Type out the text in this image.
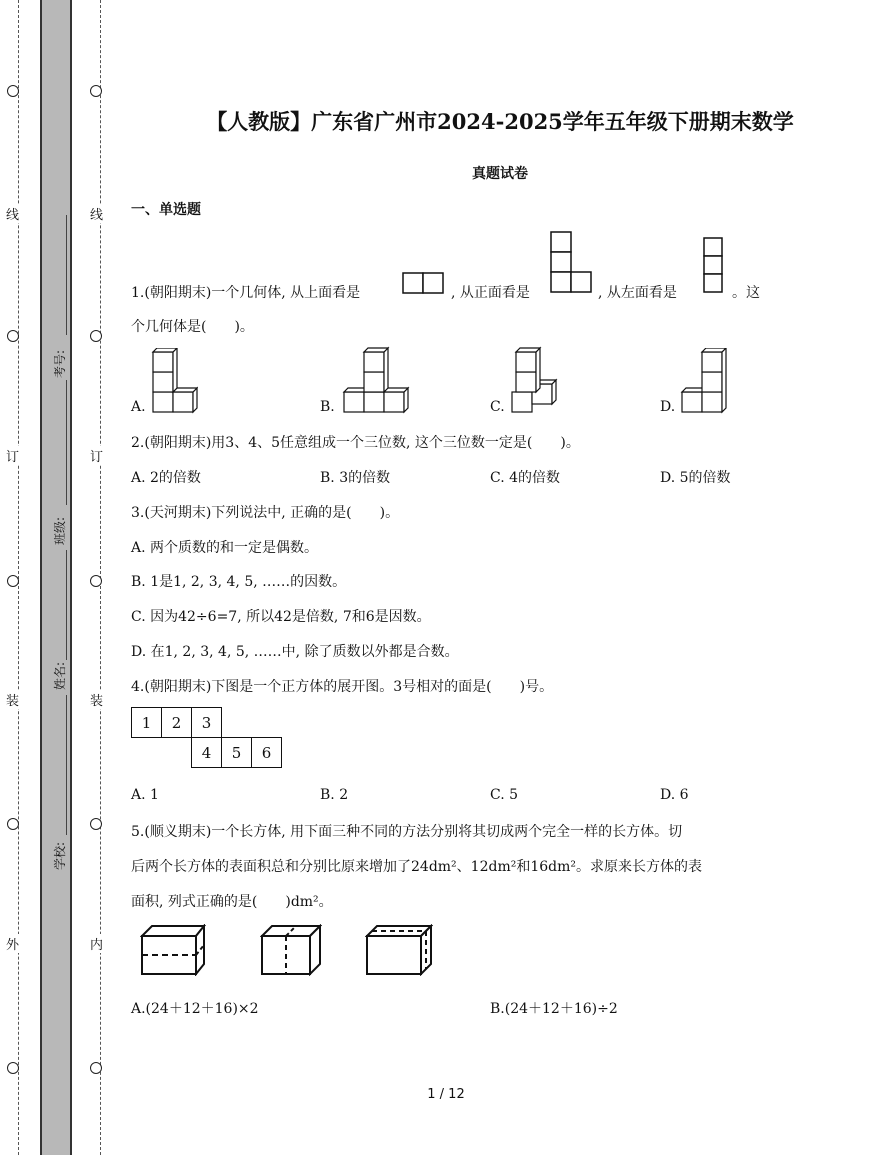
线
订
装
外
线
订
装
内
考号:
班级:
姓名:
学校:
【人教版】广东省广州市2024-2025学年五年级下册期末数学
真题试卷
一、单选题
1.(朝阳期末)一个几何体, 从上面看是	, 从正面看是	, 从左面看是	。这
个几何体是(　　)。
A.	B.	C.	D.
2.(朝阳期末)用3、4、5任意组成一个三位数, 这个三位数一定是(　　)。
A. 2的倍数	B. 3的倍数	C. 4的倍数	D. 5的倍数
3.(天河期末)下列说法中, 正确的是(　　)。
A. 两个质数的和一定是偶数。
B. 1是1, 2, 3, 4, 5, ……的因数。
C. 因为42÷6=7, 所以42是倍数, 7和6是因数。
D. 在1, 2, 3, 4, 5, ……中, 除了质数以外都是合数。
4.(朝阳期末)下图是一个正方体的展开图。3号相对的面是(　　)号。
1	2	3		
		4	5	6
A. 1	B. 2	C. 5	D. 6
5.(顺义期末)一个长方体, 用下面三种不同的方法分别将其切成两个完全一样的长方体。切
后两个长方体的表面积总和分别比原来增加了24dm²、12dm²和16dm²。求原来长方体的表
面积, 列式正确的是(　　)dm²。
A.(24＋12＋16)×2	B.(24＋12＋16)÷2
1 / 12
